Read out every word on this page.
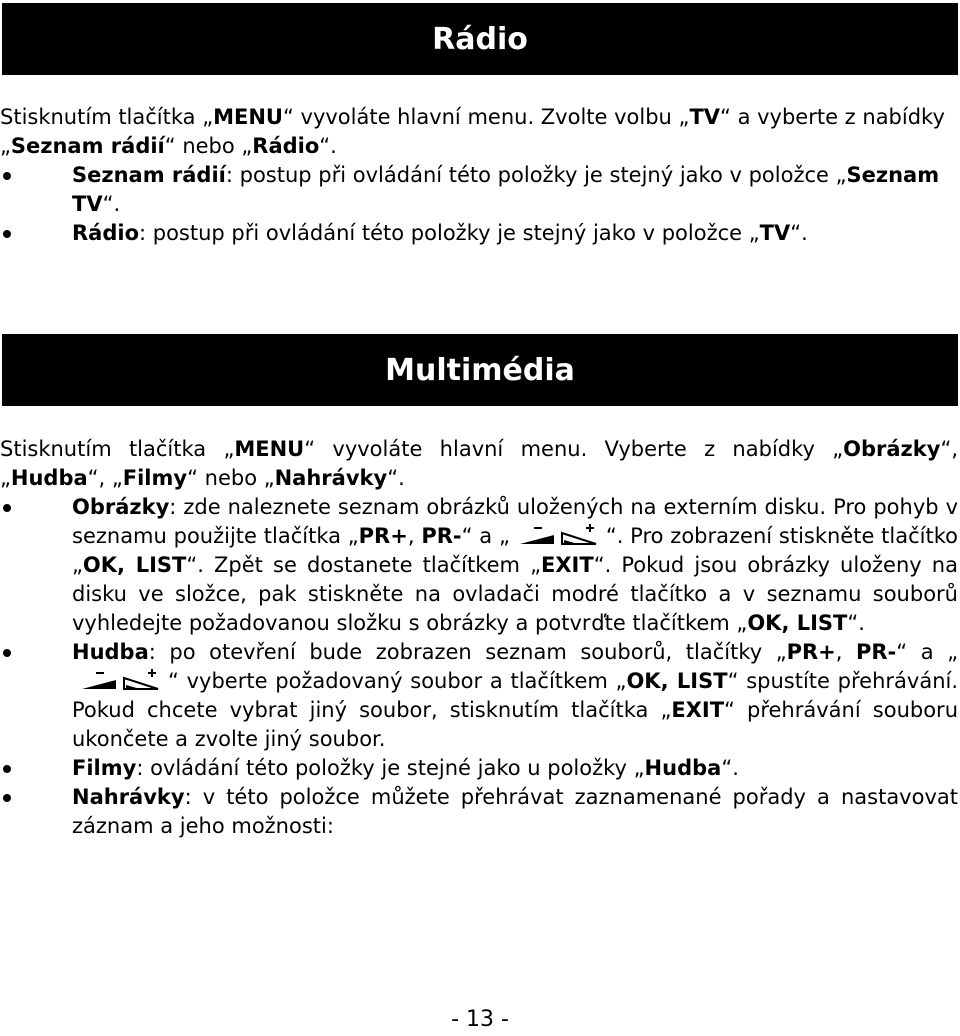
Rádio

Stisknutím tlačítka „MENU“ vyvoláte hlavní menu. Zvolte volbu „TV“ a vyberte z nabídky „Seznam rádií“ nebo „Rádio“.

Seznam rádií: postup při ovládání této položky je stejný jako v položce „Seznam TV“.
Rádio: postup při ovládání této položky je stejný jako v položce „TV“.
Multimédia

Stisknutím tlačítka „MENU“ vyvoláte hlavní menu. Vyberte z nabídky „Obrázky“, „Hudba“, „Filmy“ nebo „Nahrávky“.

Obrázky: zde naleznete seznam obrázků uložených na externím disku. Pro pohyb v seznamu použijte tlačítka „PR+, PR-“ a „	“. Pro zobrazení stiskněte tlačítko „OK, LIST“. Zpět se dostanete tlačítkem „EXIT“. Pokud jsou obrázky uloženy na disku ve složce, pak stiskněte na ovladači modré tlačítko a v seznamu souborů vyhledejte požadovanou složku s obrázky a potvrďte tlačítkem „OK, LIST“.
Hudba: po otevření bude zobrazen seznam souborů, tlačítky „PR+, PR-“ a „“ vyberte požadovaný soubor a tlačítkem „OK, LIST“ spustíte přehrávání. Pokud chcete vybrat jiný soubor, stisknutím tlačítka „EXIT“ přehrávání souboru ukončete a zvolte jiný soubor.
Filmy: ovládání této položky je stejné jako u položky „Hudba“.
Nahrávky: v této položce můžete přehrávat zaznamenané pořady a nastavovat záznam a jeho možnosti:
- 13 -
